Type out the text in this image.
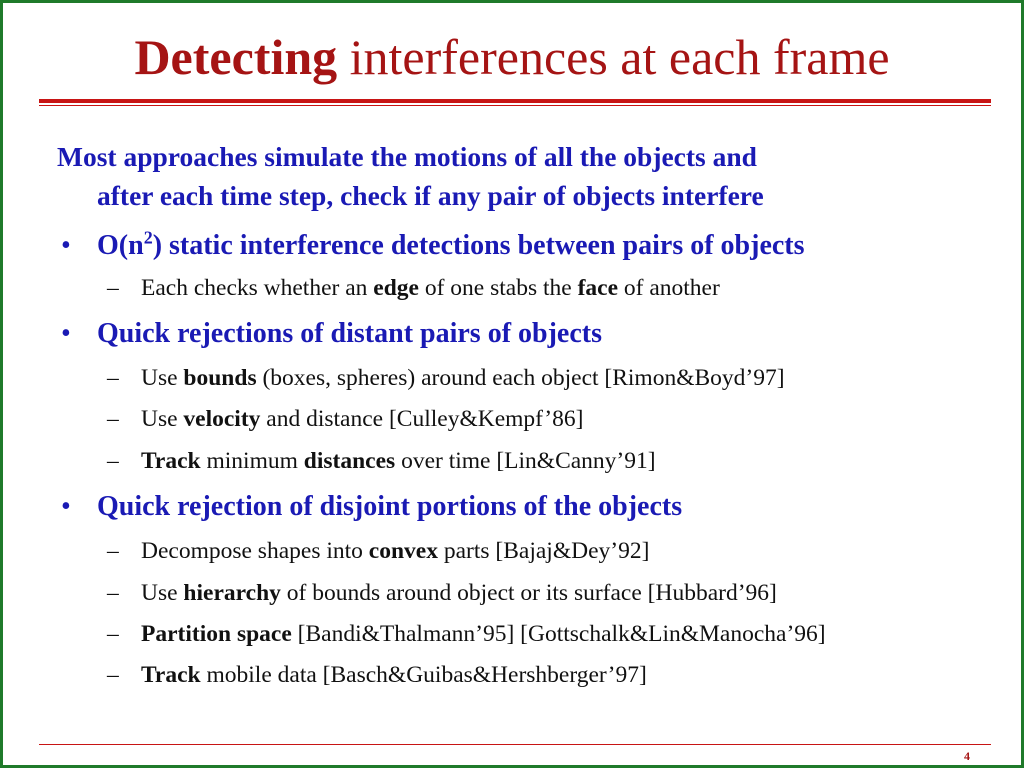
Detecting interferences at each frame
Most approaches simulate the motions of all the objects and
after each time step, check if any pair of objects interfere
• $O(n^2)$ static interference detections between pairs of objects
– Each checks whether an edge of one stabs the face of another
• Quick rejections of distant pairs of objects
– Use bounds (boxes, spheres) around each object [Rimon&Boyd’97]
– Use velocity and distance [Culley&Kempf’86]
– Track minimum distances over time [Lin&Canny’91]
• Quick rejection of disjoint portions of the objects
– Decompose shapes into convex parts [Bajaj&Dey’92]
– Use hierarchy of bounds around object or its surface [Hubbard’96]
– Partition space [Bandi&Thalmann’95] [Gottschalk&Lin&Manocha’96]
– Track mobile data [Basch&Guibas&Hershberger’97]
4
